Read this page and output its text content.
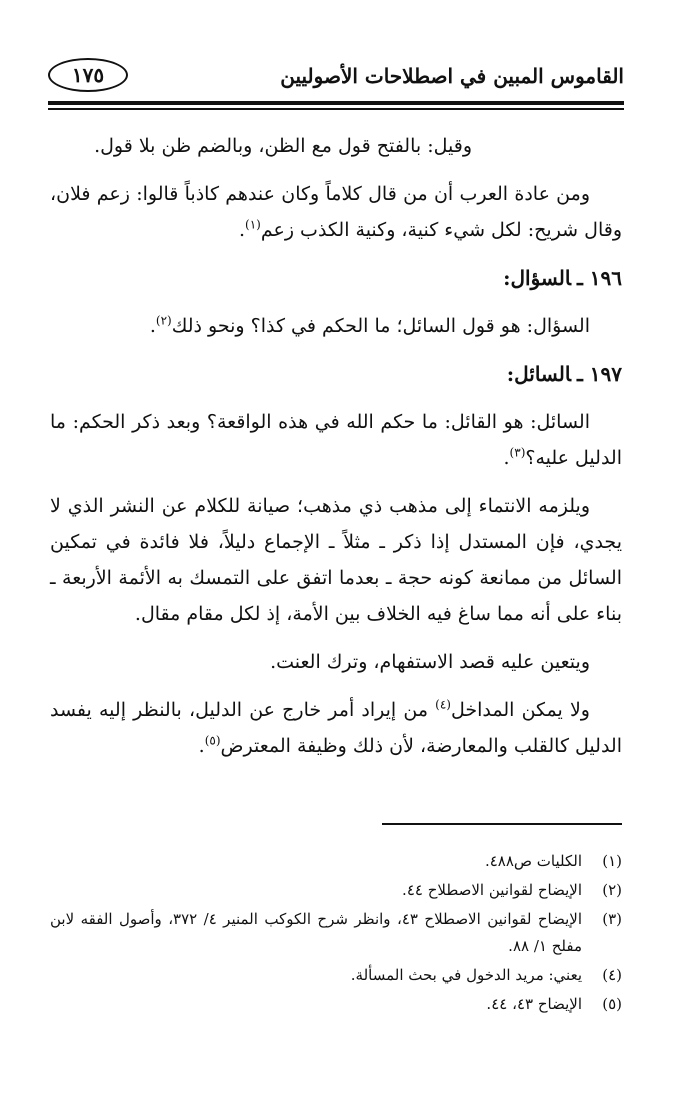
القاموس المبين في اصطلاحات الأصوليين
١٧٥

وقيل: بالفتح قول مع الظن، وبالضم ظن بلا قول.

ومن عادة العرب أن من قال كلاماً وكان عندهم كاذباً قالوا: زعم فلان، وقال شريح: لكل شيء كنية، وكنية الكذب زعم$^{(١)}$.

١٩٦ ـالسؤال:

السؤال: هو قول السائل؛ ما الحكم في كذا؟ ونحو ذلك$^{(٢)}$.

١٩٧ ـالسائل:

السائل: هو القائل: ما حكم الله في هذه الواقعة؟ وبعد ذكر الحكم: ما الدليل عليه؟$^{(٣)}$.

ويلزمه الانتماء إلى مذهب ذي مذهب؛ صيانة للكلام عن النشر الذي لا يجدي، فإن المستدل إذا ذكر ـ مثلاً ـ الإجماع دليلاً، فلا فائدة في تمكين السائل من ممانعة كونه حجة ـ بعدما اتفق على التمسك به الأئمة الأربعة ـ بناء على أنه مما ساغ فيه الخلاف بين الأمة، إذ لكل مقام مقال.

ويتعين عليه قصد الاستفهام، وترك العنت.

ولا يمكن المداخل$^{(٤)}$ من إيراد أمر خارج عن الدليل، بالنظر إليه يفسد الدليل كالقلب والمعارضة، لأن ذلك وظيفة المعترض$^{(٥)}$.

(١)
الكليات ص٤٨٨.
(٢)
الإيضاح لقوانين الاصطلاح ٤٤.
(٣)
الإيضاح لقوانين الاصطلاح ٤٣، وانظر شرح الكوكب المنير ٤/ ٣٧٢، وأصول الفقه لابن مفلح ١/ ٨٨.
(٤)
يعني: مريد الدخول في بحث المسألة.
(٥)
الإيضاح ٤٣، ٤٤.
